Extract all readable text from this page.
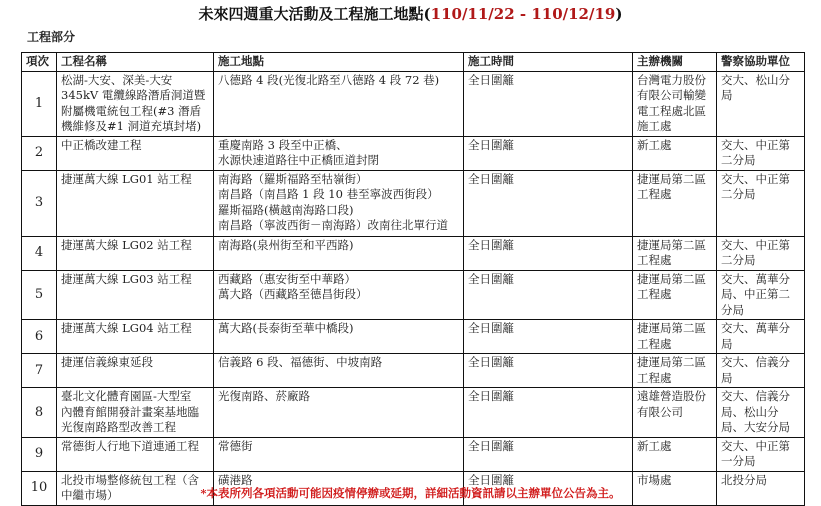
未來四週重大活動及工程施工地點(110/11/22 - 110/12/19)
工程部分
項次	工程名稱	施工地點	施工時間	主辦機關	警察協助單位
1	松湖-大安、深美-大安
345kV 電纜線路潛盾洞道暨
附屬機電統包工程(#3 潛盾
機維修及#1 洞道充填封堵)	八德路 4 段(光復北路至八德路 4 段 72 巷)	全日圍籬	台灣電力股份
有限公司輸變
電工程處北區
施工處	交大、松山分
局
2	中正橋改建工程	重慶南路 3 段至中正橋、
水源快速道路往中正橋匝道封閉	全日圍籬	新工處	交大、中正第
二分局
3	捷運萬大線 LG01 站工程	南海路（羅斯福路至牯嶺街）
南昌路（南昌路 1 段 10 巷至寧波西街段）
羅斯福路(橫越南海路口段)
南昌路（寧波西街－南海路）改南往北單行道	全日圍籬	捷運局第二區
工程處	交大、中正第
二分局
4	捷運萬大線 LG02 站工程	南海路(泉州街至和平西路)	全日圍籬	捷運局第二區
工程處	交大、中正第
二分局
5	捷運萬大線 LG03 站工程	西藏路（惠安街至中華路）
萬大路（西藏路至德昌街段）	全日圍籬	捷運局第二區
工程處	交大、萬華分
局、中正第二
分局
6	捷運萬大線 LG04 站工程	萬大路(長泰街至華中橋段)	全日圍籬	捷運局第二區
工程處	交大、萬華分
局
7	捷運信義線東延段	信義路 6 段、福德街、中坡南路	全日圍籬	捷運局第二區
工程處	交大、信義分
局
8	臺北文化體育園區-大型室
內體育館開發計畫案基地臨
光復南路路型改善工程	光復南路、菸廠路	全日圍籬	遠雄營造股份
有限公司	交大、信義分
局、松山分
局、大安分局
9	常德街人行地下道連通工程	常德街	全日圍籬	新工處	交大、中正第
一分局
10	北投市場整修統包工程（含
中繼市場）	磺港路	全日圍籬	市場處	北投分局
*本表所列各項活動可能因疫情停辦或延期，詳細活動資訊請以主辦單位公告為主。
